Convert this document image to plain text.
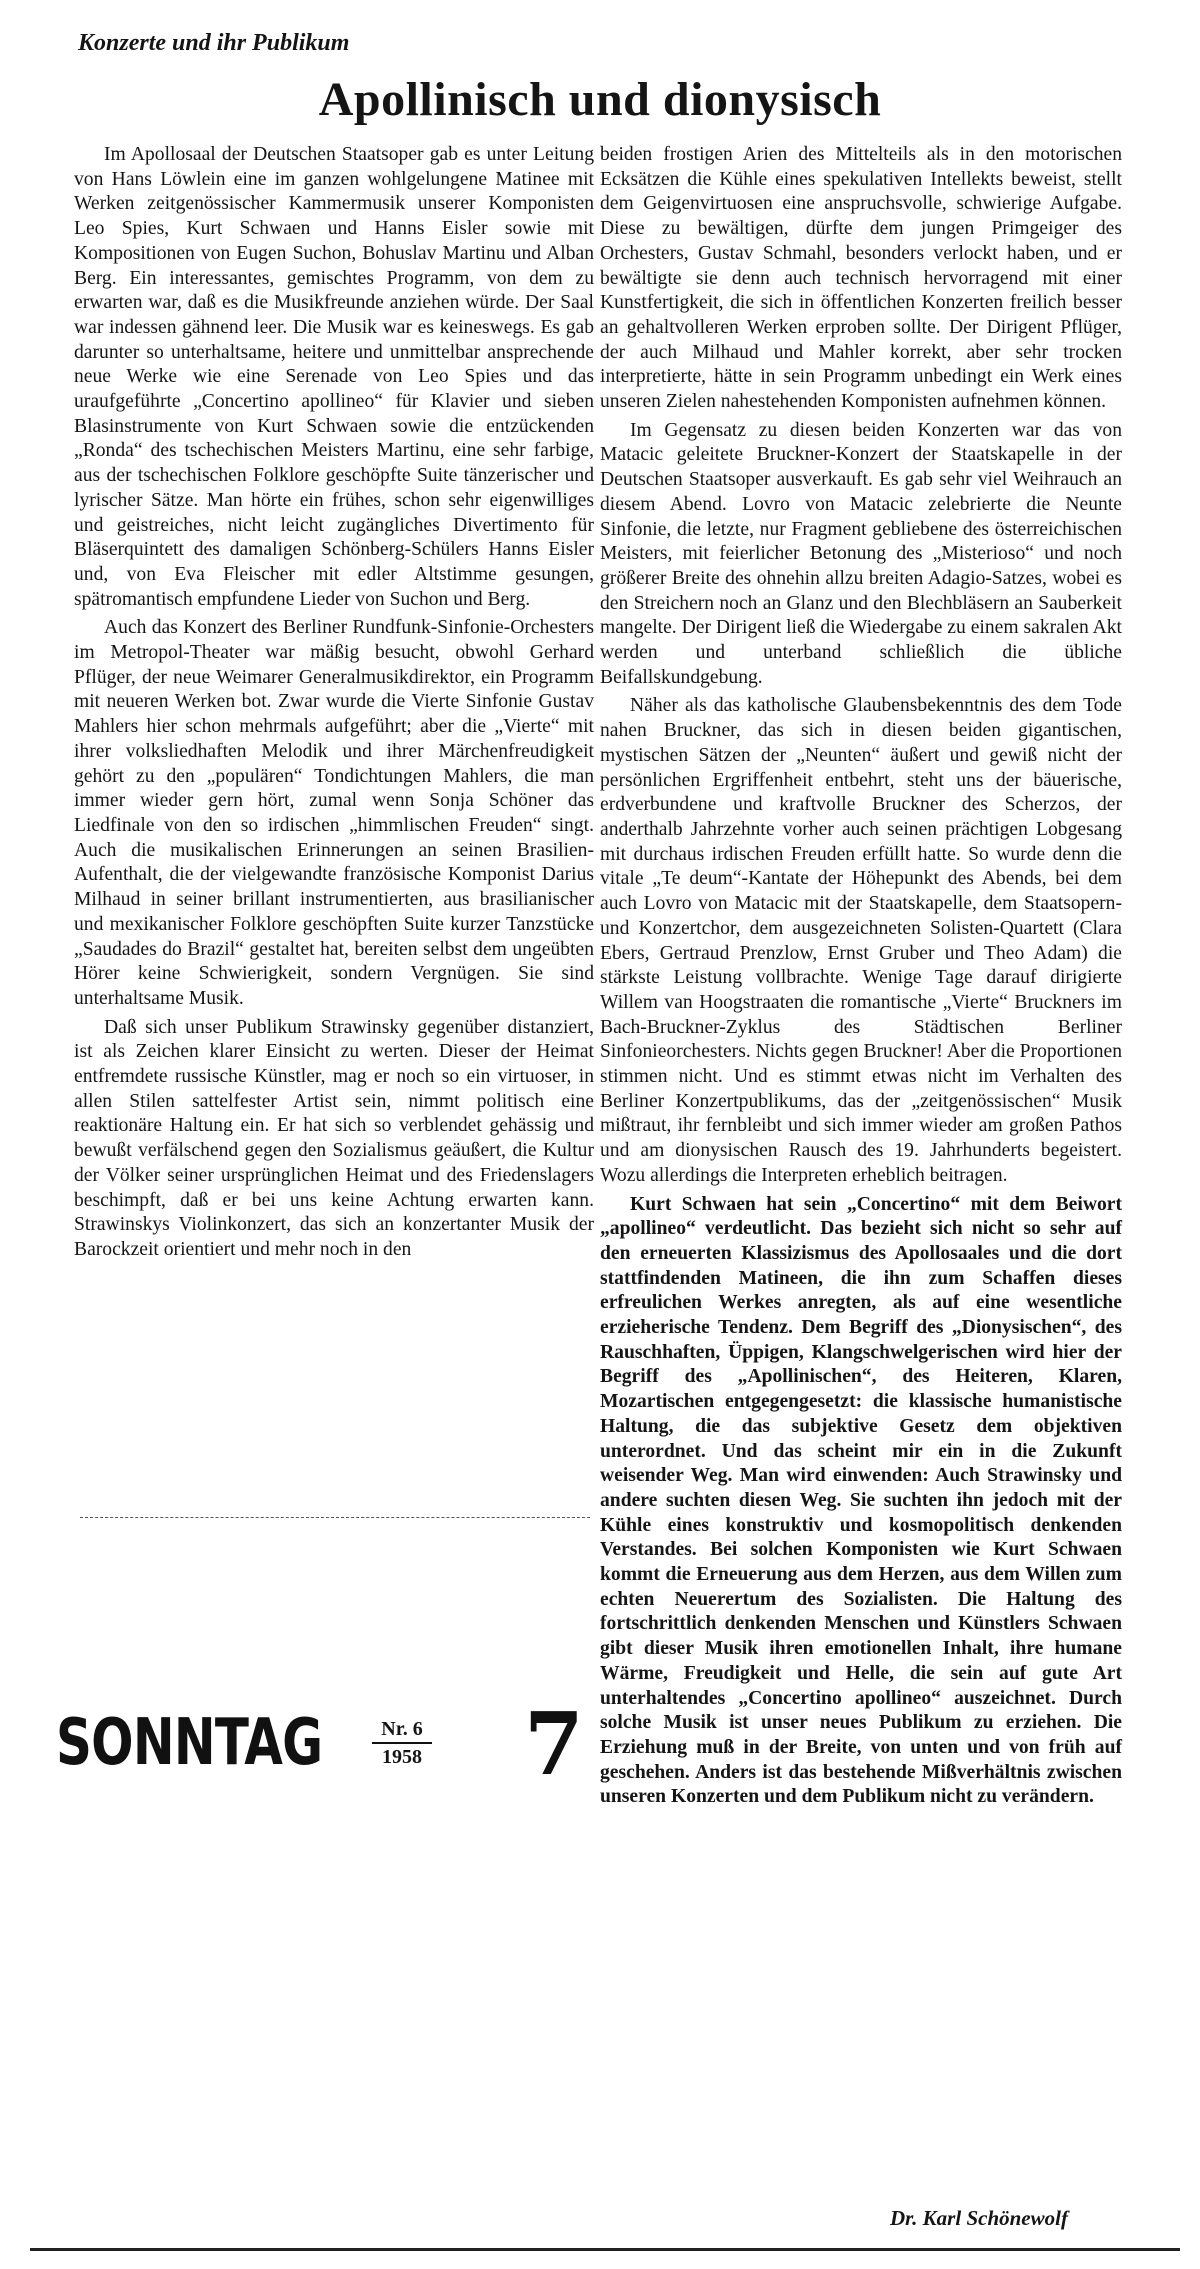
Konzerte und ihr Publikum
Apollinisch und dionysisch

Im Apollosaal der Deutschen Staatsoper gab es unter Leitung von Hans Löwlein eine im ganzen wohlgelungene Matinee mit Werken zeitgenössischer Kammermusik unserer Komponisten Leo Spies, Kurt Schwaen und Hanns Eisler sowie mit Kompositionen von Eugen Suchon, Bohuslav Martinu und Alban Berg. Ein interessantes, gemischtes Programm, von dem zu erwarten war, daß es die Musikfreunde anziehen würde. Der Saal war indessen gähnend leer. Die Musik war es keineswegs. Es gab darunter so unterhaltsame, heitere und unmittelbar ansprechende neue Werke wie eine Serenade von Leo Spies und das uraufgeführte „Concertino apollineo“ für Klavier und sieben Blasinstrumente von Kurt Schwaen sowie die entzückenden „Ronda“ des tschechischen Meisters Martinu, eine sehr farbige, aus der tschechischen Folklore geschöpfte Suite tänzerischer und lyrischer Sätze. Man hörte ein frühes, schon sehr eigenwilliges und geistreiches, nicht leicht zugängliches Divertimento für Bläserquintett des damaligen Schönberg-Schülers Hanns Eisler und, von Eva Fleischer mit edler Altstimme gesungen, spätromantisch empfundene Lieder von Suchon und Berg.

Auch das Konzert des Berliner Rundfunk-Sinfonie-Orchesters im Metropol-Theater war mäßig besucht, obwohl Gerhard Pflüger, der neue Weimarer Generalmusikdirektor, ein Programm mit neueren Werken bot. Zwar wurde die Vierte Sinfonie Gustav Mahlers hier schon mehrmals aufgeführt; aber die „Vierte“ mit ihrer volksliedhaften Melodik und ihrer Märchenfreudigkeit gehört zu den „populären“ Tondichtungen Mahlers, die man immer wieder gern hört, zumal wenn Sonja Schöner das Liedfinale von den so irdischen „himmlischen Freuden“ singt. Auch die musikalischen Erinnerungen an seinen Brasilien-Aufenthalt, die der vielgewandte französische Komponist Darius Milhaud in seiner brillant instrumentierten, aus brasilianischer und mexikanischer Folklore geschöpften Suite kurzer Tanzstücke „Saudades do Brazil“ gestaltet hat, bereiten selbst dem ungeübten Hörer keine Schwierigkeit, sondern Vergnügen. Sie sind unterhaltsame Musik.

Daß sich unser Publikum Strawinsky gegenüber distanziert, ist als Zeichen klarer Einsicht zu werten. Dieser der Heimat entfremdete russische Künstler, mag er noch so ein virtuoser, in allen Stilen sattelfester Artist sein, nimmt politisch eine reaktionäre Haltung ein. Er hat sich so verblendet gehässig und bewußt verfälschend gegen den Sozialismus geäußert, die Kultur der Völker seiner ursprünglichen Heimat und des Friedenslagers beschimpft, daß er bei uns keine Achtung erwarten kann. Strawinskys Violinkonzert, das sich an konzertanter Musik der Barockzeit orientiert und mehr noch in den

beiden frostigen Arien des Mittelteils als in den motorischen Ecksätzen die Kühle eines spekulativen Intellekts beweist, stellt dem Geigenvirtuosen eine anspruchsvolle, schwierige Aufgabe. Diese zu bewältigen, dürfte dem jungen Primgeiger des Orchesters, Gustav Schmahl, besonders verlockt haben, und er bewältigte sie denn auch technisch hervorragend mit einer Kunstfertigkeit, die sich in öffentlichen Konzerten freilich besser an gehaltvolleren Werken erproben sollte. Der Dirigent Pflüger, der auch Milhaud und Mahler korrekt, aber sehr trocken interpretierte, hätte in sein Programm unbedingt ein Werk eines unseren Zielen nahestehenden Komponisten aufnehmen können.

Im Gegensatz zu diesen beiden Konzerten war das von Matacic geleitete Bruckner-Konzert der Staatskapelle in der Deutschen Staatsoper ausverkauft. Es gab sehr viel Weihrauch an diesem Abend. Lovro von Matacic zelebrierte die Neunte Sinfonie, die letzte, nur Fragment gebliebene des österreichischen Meisters, mit feierlicher Betonung des „Misterioso“ und noch größerer Breite des ohnehin allzu breiten Adagio-Satzes, wobei es den Streichern noch an Glanz und den Blechbläsern an Sauberkeit mangelte. Der Dirigent ließ die Wiedergabe zu einem sakralen Akt werden und unterband schließlich die übliche Beifallskundgebung.

Näher als das katholische Glaubensbekenntnis des dem Tode nahen Bruckner, das sich in diesen beiden gigantischen, mystischen Sätzen der „Neunten“ äußert und gewiß nicht der persönlichen Ergriffenheit entbehrt, steht uns der bäuerische, erdverbundene und kraftvolle Bruckner des Scherzos, der anderthalb Jahrzehnte vorher auch seinen prächtigen Lobgesang mit durchaus irdischen Freuden erfüllt hatte. So wurde denn die vitale „Te deum“-Kantate der Höhepunkt des Abends, bei dem auch Lovro von Matacic mit der Staatskapelle, dem Staatsopern- und Konzertchor, dem ausgezeichneten Solisten-Quartett (Clara Ebers, Gertraud Prenzlow, Ernst Gruber und Theo Adam) die stärkste Leistung vollbrachte. Wenige Tage darauf dirigierte Willem van Hoogstraaten die romantische „Vierte“ Bruckners im Bach-Bruckner-Zyklus des Städtischen Berliner Sinfonieorchesters. Nichts gegen Bruckner! Aber die Proportionen stimmen nicht. Und es stimmt etwas nicht im Verhalten des Berliner Konzertpublikums, das der „zeitgenössischen“ Musik mißtraut, ihr fernbleibt und sich immer wieder am großen Pathos und am dionysischen Rausch des 19. Jahrhunderts begeistert. Wozu allerdings die Interpreten erheblich beitragen.

Kurt Schwaen hat sein „Concertino“ mit dem Beiwort „apollineo“ verdeutlicht. Das bezieht sich nicht so sehr auf den erneuerten Klassizismus des Apollosaales und die dort stattfindenden Matineen, die ihn zum Schaffen dieses erfreulichen Werkes anregten, als auf eine wesentliche erzieherische Tendenz. Dem Begriff des „Dionysischen“, des Rauschhaften, Üppigen, Klangschwelgerischen wird hier der Begriff des „Apollinischen“, des Heiteren, Klaren, Mozartischen entgegengesetzt: die klassische humanistische Haltung, die das subjektive Gesetz dem objektiven unterordnet. Und das scheint mir ein in die Zukunft weisender Weg. Man wird einwenden: Auch Strawinsky und andere suchten diesen Weg. Sie suchten ihn jedoch mit der Kühle eines konstruktiv und kosmopolitisch denkenden Verstandes. Bei solchen Komponisten wie Kurt Schwaen kommt die Erneuerung aus dem Herzen, aus dem Willen zum echten Neuerertum des Sozialisten. Die Haltung des fortschrittlich denkenden Menschen und Künstlers Schwaen gibt dieser Musik ihren emotionellen Inhalt, ihre humane Wärme, Freudigkeit und Helle, die sein auf gute Art unterhaltendes „Concertino apollineo“ auszeichnet. Durch solche Musik ist unser neues Publikum zu erziehen. Die Erziehung muß in der Breite, von unten und von früh auf geschehen. Anders ist das bestehende Mißverhältnis zwischen unseren Konzerten und dem Publikum nicht zu verändern.

SONNTAG	Nr. 6
1958 7
Dr. Karl Schönewolf
